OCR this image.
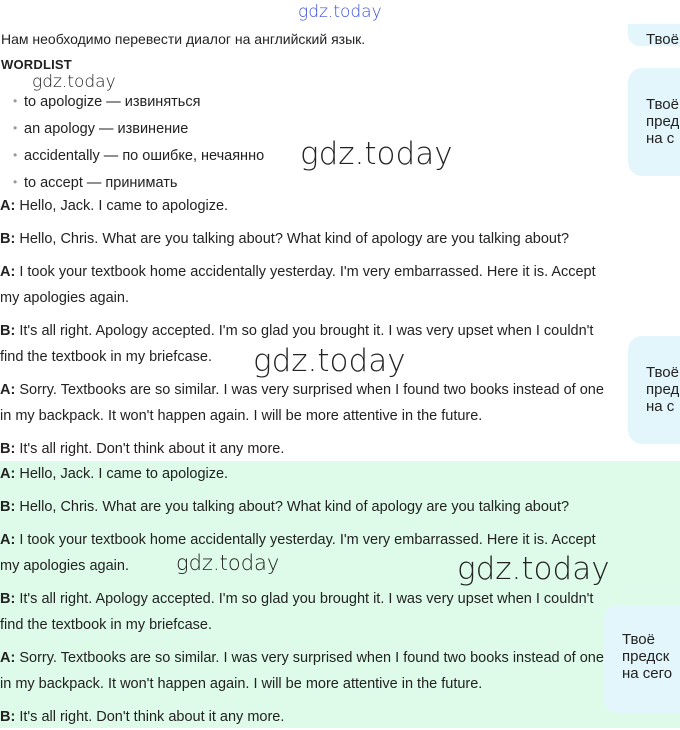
gdz.today
Нам необходимо перевести диалог на английский язык.
WORDLIST
gdz.today
• to apologize — извиняться
• an apology — извинение
• accidentally — по ошибке, нечаянно
• to accept — принимать
A: Hello, Jack. I came to apologize.
B: Hello, Chris. What are you talking about? What kind of apology are you talking about?
A: I took your textbook home accidentally yesterday. I'm very embarrassed. Here it is. Accept
my apologies again.
B: It's all right. Apology accepted. I'm so glad you brought it. I was very upset when I couldn't
find the textbook in my briefcase.
A: Sorry. Textbooks are so similar. I was very surprised when I found two books instead of one
in my backpack. It won't happen again. I will be more attentive in the future.
B: It's all right. Don't think about it any more.
A: Hello, Jack. I came to apologize.
B: Hello, Chris. What are you talking about? What kind of apology are you talking about?
A: I took your textbook home accidentally yesterday. I'm very embarrassed. Here it is. Accept
my apologies again.
B: It's all right. Apology accepted. I'm so glad you brought it. I was very upset when I couldn't
find the textbook in my briefcase.
A: Sorry. Textbooks are so similar. I was very surprised when I found two books instead of one
in my backpack. It won't happen again. I will be more attentive in the future.
B: It's all right. Don't think about it any more.
gdz.today
gdz.today
gdz.today	gdz.today
Твоё
Твоё
пред
на с
Твоё
пред
на с
Твоё
предск
на сего
